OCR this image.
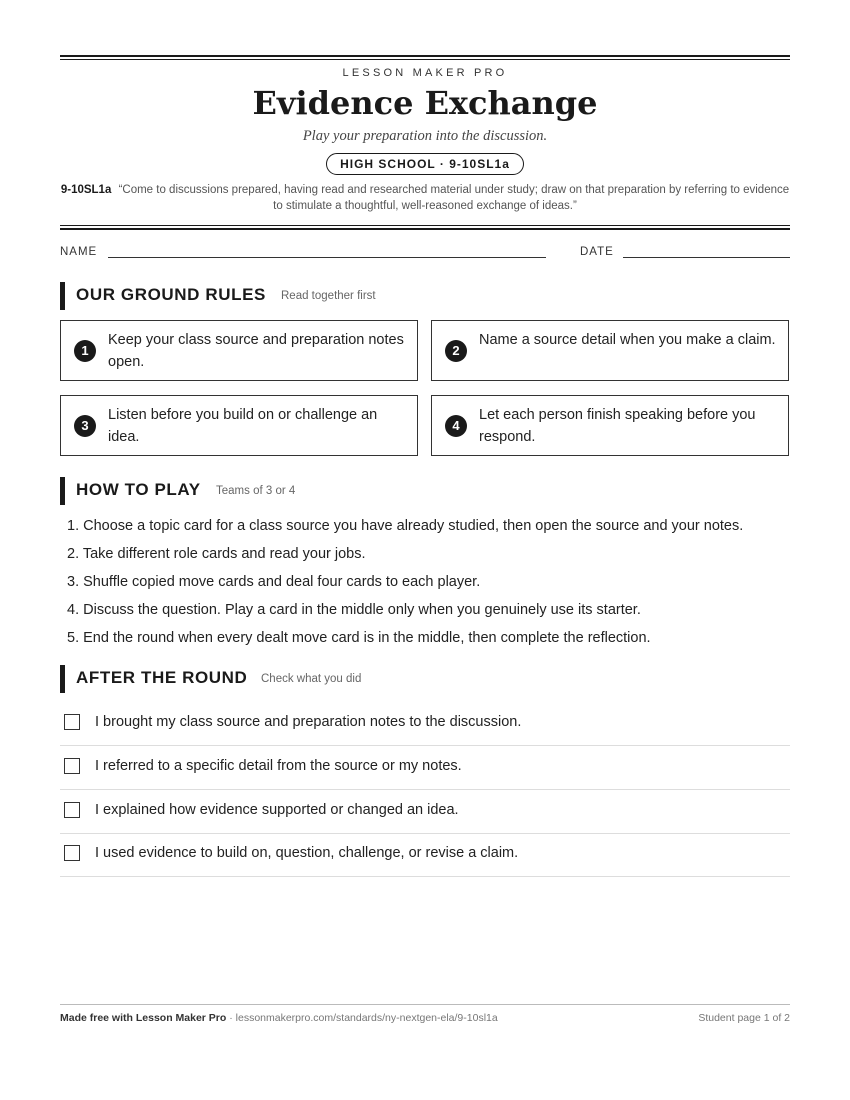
LESSON MAKER PRO
Evidence Exchange
Play your preparation into the discussion.
HIGH SCHOOL · 9-10SL1a
9-10SL1a “Come to discussions prepared, having read and researched material under study; draw on that preparation by referring to evidence to stimulate a thoughtful, well-reasoned exchange of ideas.”
NAME	DATE
OUR GROUND RULES Read together first
1
Keep your class source and preparation notes open.
2
Name a source detail when you make a claim.
3
Listen before you build on or challenge an idea.
4
Let each person finish speaking before you respond.
HOW TO PLAY Teams of 3 or 4
1. Choose a topic card for a class source you have already studied, then open the source and your notes.
2. Take different role cards and read your jobs.
3. Shuffle copied move cards and deal four cards to each player.
4. Discuss the question. Play a card in the middle only when you genuinely use its starter.
5. End the round when every dealt move card is in the middle, then complete the reflection.
AFTER THE ROUND Check what you did
I brought my class source and preparation notes to the discussion.
I referred to a specific detail from the source or my notes.
I explained how evidence supported or changed an idea.
I used evidence to build on, question, challenge, or revise a claim.
Made free with Lesson Maker Pro · lessonmakerpro.com/standards/ny-nextgen-ela/9-10sl1a	Student page 1 of 2
